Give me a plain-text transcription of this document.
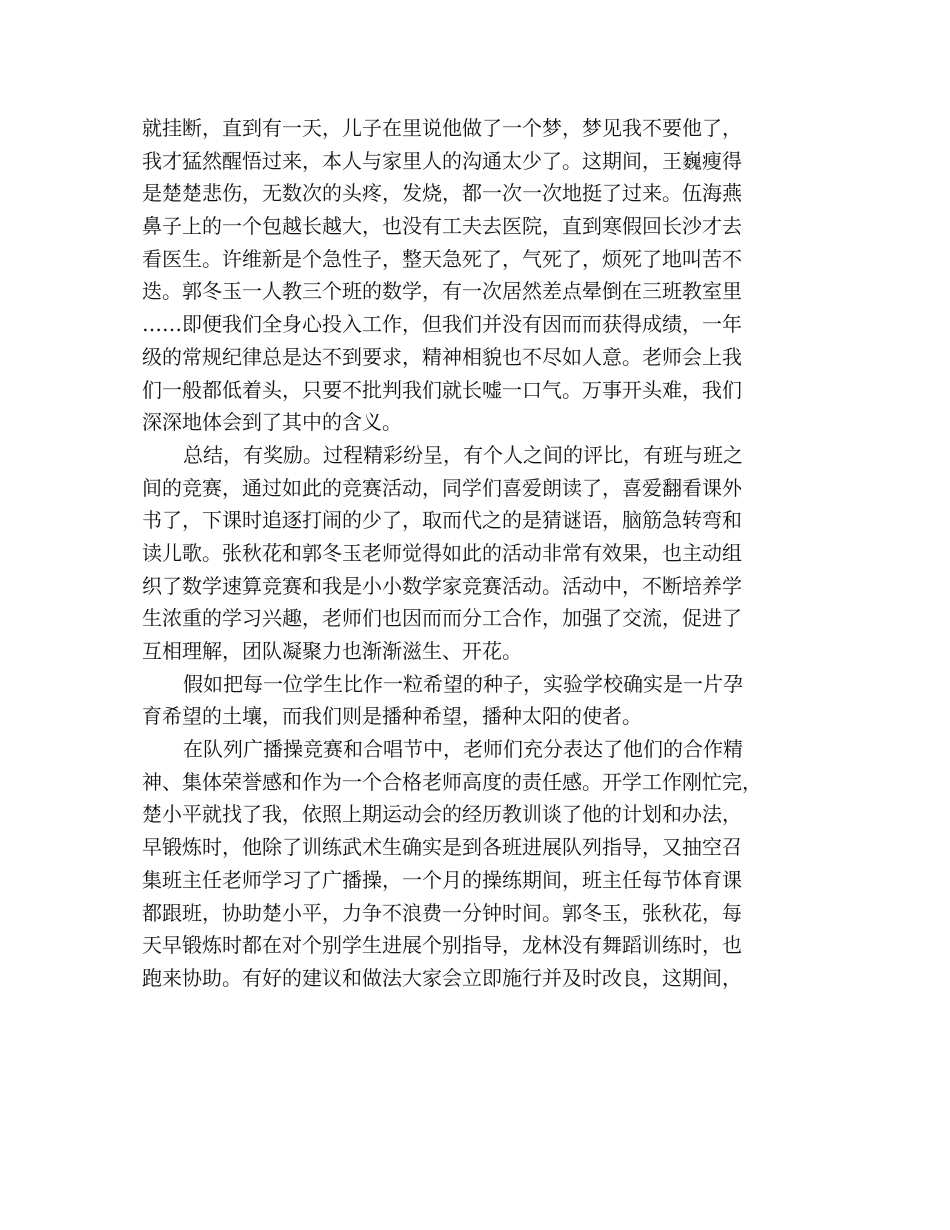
就挂断，直到有一天，儿子在里说他做了一个梦，梦见我不要他了，
我才猛然醒悟过来，本人与家里人的沟通太少了。这期间，王巍瘦得
是楚楚悲伤，无数次的头疼，发烧，都一次一次地挺了过来。伍海燕
鼻子上的一个包越长越大，也没有工夫去医院，直到寒假回长沙才去
看医生。许维新是个急性子，整天急死了，气死了，烦死了地叫苦不
迭。郭冬玉一人教三个班的数学，有一次居然差点晕倒在三班教室里
……即便我们全身心投入工作，但我们并没有因而而获得成绩，一年
级的常规纪律总是达不到要求，精神相貌也不尽如人意。老师会上我
们一般都低着头，只要不批判我们就长嘘一口气。万事开头难，我们
深深地体会到了其中的含义。
总结，有奖励。过程精彩纷呈，有个人之间的评比，有班与班之
间的竞赛，通过如此的竞赛活动，同学们喜爱朗读了，喜爱翻看课外
书了，下课时追逐打闹的少了，取而代之的是猜谜语，脑筋急转弯和
读儿歌。张秋花和郭冬玉老师觉得如此的活动非常有效果，也主动组
织了数学速算竞赛和我是小小数学家竞赛活动。活动中，不断培养学
生浓重的学习兴趣，老师们也因而而分工合作，加强了交流，促进了
互相理解，团队凝聚力也渐渐滋生、开花。
假如把每一位学生比作一粒希望的种子，实验学校确实是一片孕
育希望的土壤，而我们则是播种希望，播种太阳的使者。
在队列广播操竞赛和合唱节中，老师们充分表达了他们的合作精
神、集体荣誉感和作为一个合格老师高度的责任感。开学工作刚忙完，
楚小平就找了我，依照上期运动会的经历教训谈了他的计划和办法，
早锻炼时，他除了训练武术生确实是到各班进展队列指导，又抽空召
集班主任老师学习了广播操，一个月的操练期间，班主任每节体育课
都跟班，协助楚小平，力争不浪费一分钟时间。郭冬玉，张秋花，每
天早锻炼时都在对个别学生进展个别指导，龙林没有舞蹈训练时，也
跑来协助。有好的建议和做法大家会立即施行并及时改良，这期间，
